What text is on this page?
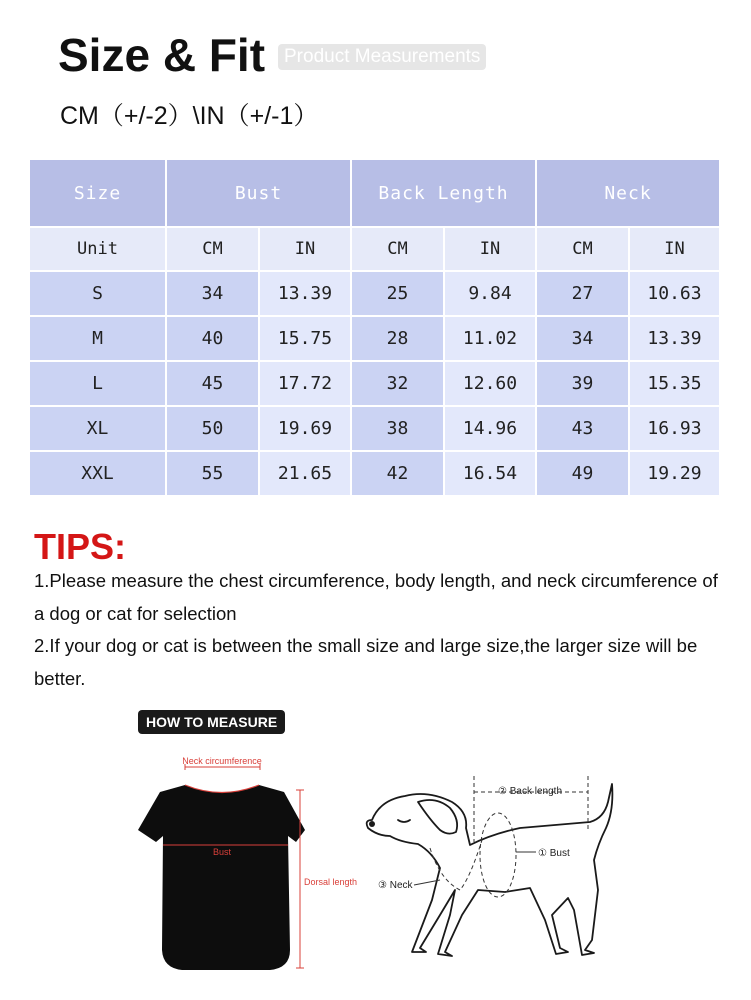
Size & Fit Product Measurements
CM（+/-2）\IN（+/-1）
Size	Bust		Back Length		Neck	
Unit	CM	IN	CM	IN	CM	IN
S	34	13.39	25	9.84	27	10.63
M	40	15.75	28	11.02	34	13.39
L	45	17.72	32	12.60	39	15.35
XL	50	19.69	38	14.96	43	16.93
XXL	55	21.65	42	16.54	49	19.29
TIPS:
1.Please measure the chest circumference, body length, and neck circumference of a dog or cat for selection
2.If your dog or cat is between the small size and large size,the larger size will be better.
HOW TO MEASURE
Neck circumference
Bust
Dorsal length
② Back length
① Bust
③ Neck
